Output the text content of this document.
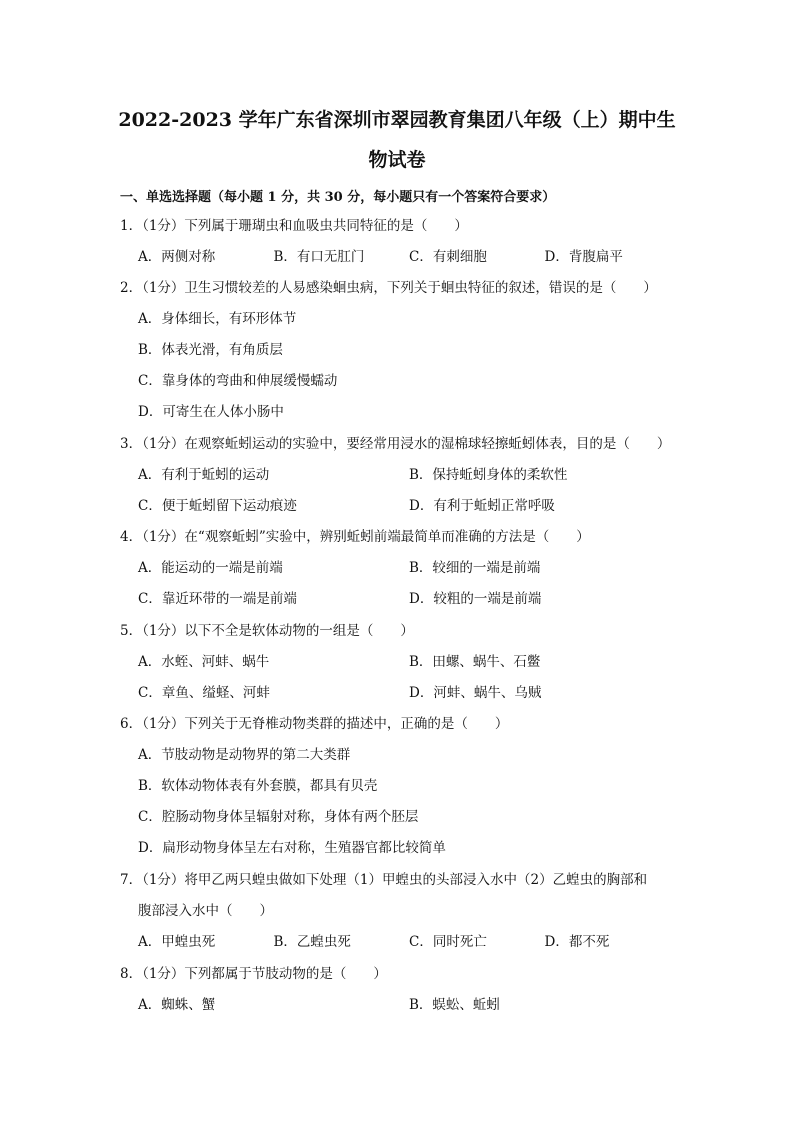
2022-2023 学年广东省深圳市翠园教育集团八年级（上）期中生
物试卷

一、单选选择题（每小题 1 分，共 30 分，每小题只有一个答案符合要求）

1．（1分）下列属于珊瑚虫和血吸虫共同特征的是（　　）
A．两侧对称	B．有口无肛门	C．有刺细胞	D．背腹扁平
2．（1分）卫生习惯较差的人易感染蛔虫病，下列关于蛔虫特征的叙述，错误的是（　　）
A．身体细长，有环形体节
B．体表光滑，有角质层
C．靠身体的弯曲和伸展缓慢蠕动
D．可寄生在人体小肠中
3．（1分）在观察蚯蚓运动的实验中，要经常用浸水的湿棉球轻擦蚯蚓体表，目的是（　　）
A．有利于蚯蚓的运动	B．保持蚯蚓身体的柔软性
C．便于蚯蚓留下运动痕迹	D．有利于蚯蚓正常呼吸
4．（1分）在“观察蚯蚓”实验中，辨别蚯蚓前端最简单而准确的方法是（　　）
A．能运动的一端是前端	B．较细的一端是前端
C．靠近环带的一端是前端	D．较粗的一端是前端
5．（1分）以下不全是软体动物的一组是（　　）
A．水蛭、河蚌、蜗牛	B．田螺、蜗牛、石鳖
C．章鱼、缢蛏、河蚌	D．河蚌、蜗牛、乌贼
6．（1分）下列关于无脊椎动物类群的描述中，正确的是（　　）
A．节肢动物是动物界的第二大类群
B．软体动物体表有外套膜，都具有贝壳
C．腔肠动物身体呈辐射对称，身体有两个胚层
D．扁形动物身体呈左右对称，生殖器官都比较简单
7．（1分）将甲乙两只蝗虫做如下处理（1）甲蝗虫的头部浸入水中（2）乙蝗虫的胸部和
腹部浸入水中（　　）
A．甲蝗虫死	B．乙蝗虫死	C．同时死亡	D．都不死
8．（1分）下列都属于节肢动物的是（　　）
A．蜘蛛、蟹	B．蜈蚣、蚯蚓
